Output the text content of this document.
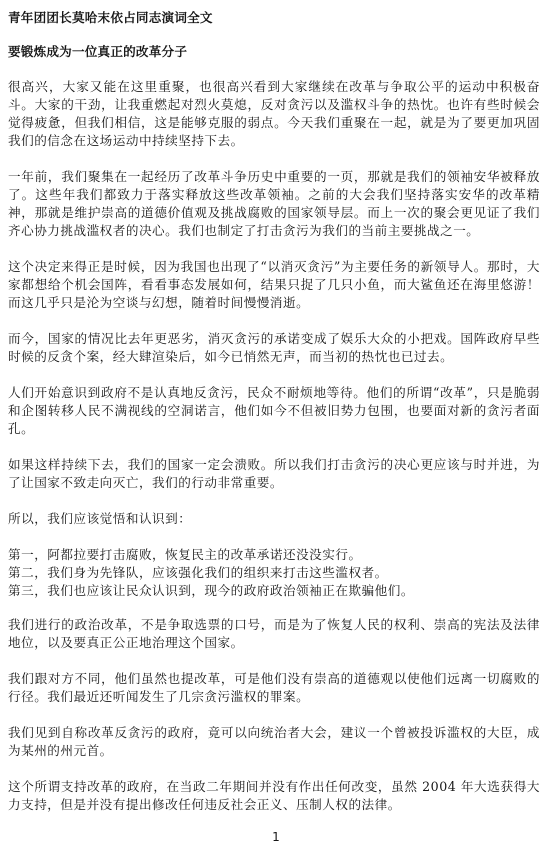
青年团团长莫哈末依占同志演词全文

要锻炼成为一位真正的改革分子

很高兴，大家又能在这里重聚，也很高兴看到大家继续在改革与争取公平的运动中积极奋斗。大家的干劲，让我重燃起对烈火莫熄，反对贪污以及滥权斗争的热忱。也许有些时候会觉得疲惫，但我们相信，这是能够克服的弱点。今天我们重聚在一起，就是为了要更加巩固我们的信念在这场运动中持续坚持下去。

一年前，我们聚集在一起经历了改革斗争历史中重要的一页，那就是我们的领袖安华被释放了。这些年我们都致力于落实释放这些改革领袖。之前的大会我们坚持落实安华的改革精神，那就是维护崇高的道德价值观及挑战腐败的国家领导层。而上一次的聚会更见证了我们齐心协力挑战滥权者的决心。我们也制定了打击贪污为我们的当前主要挑战之一。

这个决定来得正是时候，因为我国也出现了“以消灭贪污”为主要任务的新领导人。那时，大家都想给个机会国阵，看看事态发展如何，结果只捉了几只小鱼，而大鲨鱼还在海里悠游！而这几乎只是沦为空谈与幻想，随着时间慢慢消逝。

而今，国家的情况比去年更恶劣，消灭贪污的承诺变成了娱乐大众的小把戏。国阵政府早些时候的反贪个案，经大肆渲染后，如今已悄然无声，而当初的热忱也已过去。

人们开始意识到政府不是认真地反贪污，民众不耐烦地等待。他们的所谓“改革”，只是脆弱和企图转移人民不满视线的空洞诺言，他们如今不但被旧势力包围，也要面对新的贪污者面孔。

如果这样持续下去，我们的国家一定会溃败。所以我们打击贪污的决心更应该与时并进，为了让国家不致走向灭亡，我们的行动非常重要。

所以，我们应该觉悟和认识到：

第一，阿都拉要打击腐败，恢复民主的改革承诺还没没实行。

第二，我们身为先锋队，应该强化我们的组织来打击这些滥权者。

第三，我们也应该让民众认识到，现今的政府政治领袖正在欺骗他们。

我们进行的政治改革，不是争取选票的口号，而是为了恢复人民的权利、崇高的宪法及法律地位，以及要真正公正地治理这个国家。

我们跟对方不同，他们虽然也提改革，可是他们没有崇高的道德观以使他们远离一切腐败的行径。我们最近还听闻发生了几宗贪污滥权的罪案。

我们见到自称改革反贪污的政府，竟可以向统治者大会，建议一个曾被投诉滥权的大臣，成为某州的州元首。

这个所谓支持改革的政府，在当政二年期间并没有作出任何改变，虽然 2004 年大选获得大力支持，但是并没有提出修改任何违反社会正义、压制人权的法律。

1
